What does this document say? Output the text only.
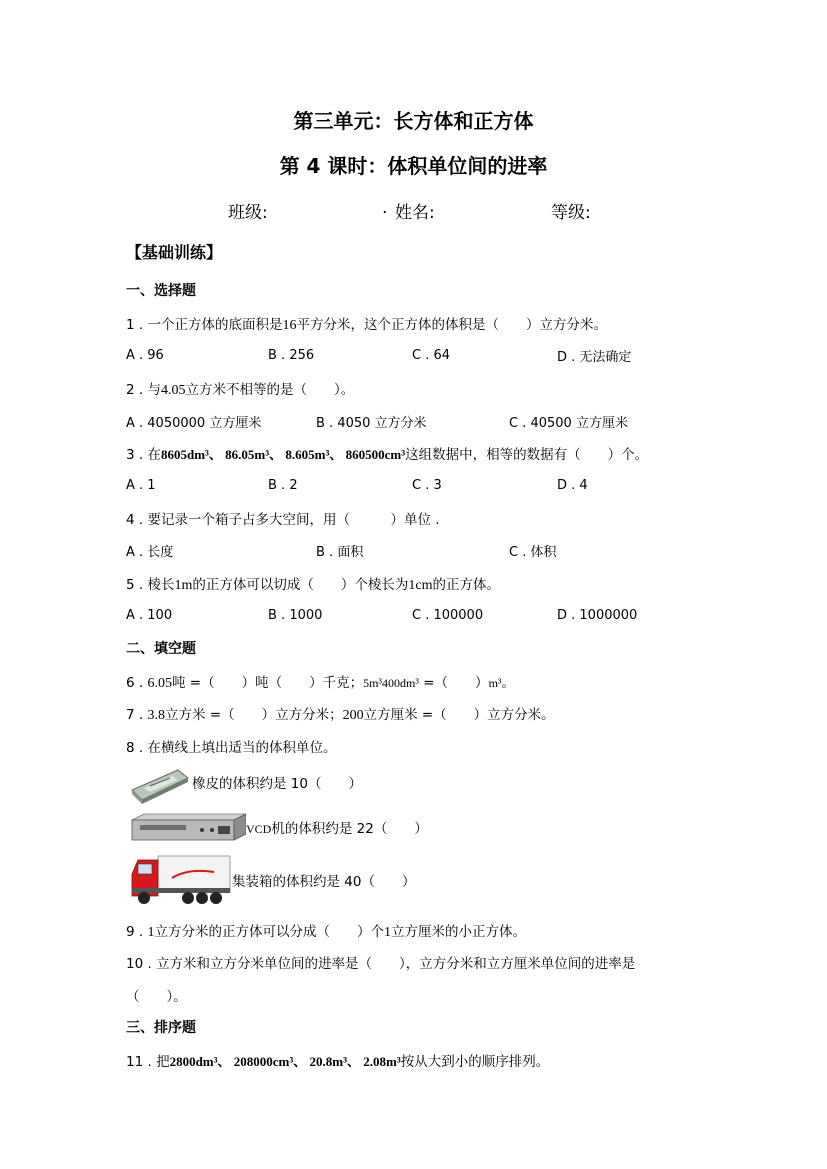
第三单元：长方体和正方体
第 4 课时：体积单位间的进率
班级:	. 姓名:	等级:
【基础训练】
一、选择题
1 . 一个正方体的底面积是16平方分米，这个正方体的体积是（　　）立方分米。
A . 96	B . 256	C . 64	D . 无法确定
2 . 与4.05立方米不相等的是（　　）。
A . 4050000 立方厘米	B . 4050 立方分米	C . 40500 立方厘米
3 . 在8605dm³、 86.05m³、 8.605m³、 860500cm³这组数据中，相等的数据有（　　）个。
A . 1	B . 2	C . 3	D . 4
4 . 要记录一个箱子占多大空间，用（　　　）单位 .
A . 长度	B . 面积	C . 体积
5 . 棱长1m的正方体可以切成（　　）个棱长为1cm的正方体。
A . 100	B . 1000	C . 100000	D . 1000000
二、填空题
6 . 6.05吨 =（　　）吨（　　）千克；5m³400dm³ =（　　）m³。
7 . 3.8立方米 =（　　）立方分米；200立方厘米 =（　　）立方分米。
8 . 在横线上填出适当的体积单位。
橡皮的体积约是 10（　　）
VCD机的体积约是 22（　　）
集装箱的体积约是 40（　　）
9 . 1立方分米的正方体可以分成（　　）个1立方厘米的小正方体。
10 . 立方米和立方分米单位间的进率是（　　），立方分米和立方厘米单位间的进率是
（　　）。
三、排序题
11 . 把2800dm³、 208000cm³、 20.8m³、 2.08m³按从大到小的顺序排列。
